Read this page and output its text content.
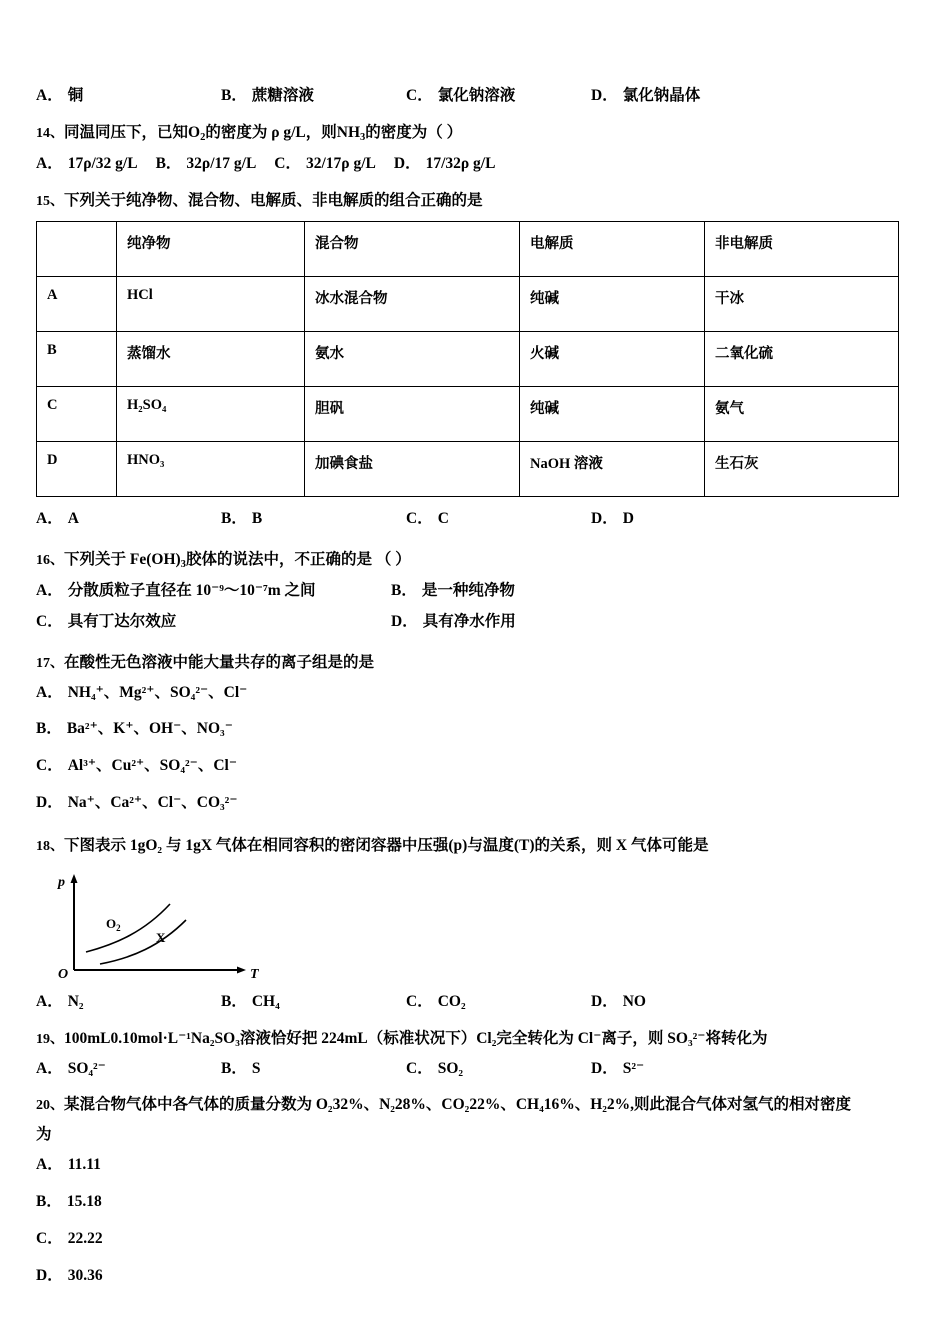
A． 铜	B． 蔗糖溶液	C． 氯化钠溶液	D． 氯化钠晶体
14、同温同压下，已知$O_2$的密度为 ρ g/L，则$NH_3$的密度为（ ）
A． 17ρ/32 g/L B． 32ρ/17 g/L C． 32/17ρ g/L D． 17/32ρ g/L
15、下列关于纯净物、混合物、电解质、非电解质的组合正确的是
	纯净物	混合物	电解质	非电解质
A	HCl	冰水混合物	纯碱	干冰
B	蒸馏水	氨水	火碱	二氧化硫
C	H₂SO₄	胆矾	纯碱	氨气
D	HNO₃	加碘食盐	NaOH 溶液	生石灰
A． A	B． B	C． C	D． D
16、下列关于 $Fe(OH)_3$胶体的说法中，不正确的是 （ ）
A． 分散质粒子直径在 10⁻⁹～10⁻⁷m 之间	B． 是一种纯净物
C． 具有丁达尔效应	D． 具有净水作用
17、在酸性无色溶液中能大量共存的离子组是的是
A． NH₄⁺、Mg²⁺、SO₄²⁻、Cl⁻
B． Ba²⁺、K⁺、OH⁻、NO₃⁻
C． Al³⁺、Cu²⁺、SO₄²⁻、Cl⁻
D． Na⁺、Ca²⁺、Cl⁻、CO₃²⁻
18、下图表示 1gO₂ 与 1gX 气体在相同容积的密闭容器中压强(p)与温度(T)的关系，则 X 气体可能是
p
T
O
$O_2$
X
A． N₂	B． CH₄	C． CO₂	D． NO
19、100mL0.10mol·L⁻¹Na₂SO₃溶液恰好把 224mL（标准状况下）Cl₂完全转化为 Cl⁻离子，则 SO₃²⁻将转化为
A． SO₄²⁻	B． S	C． SO₂	D． S²⁻
20、某混合物气体中各气体的质量分数为 O₂32%、N₂28%、CO₂22%、CH₄16%、H₂2%,则此混合气体对氢气的相对密度
为
A． 11.11
B． 15.18
C． 22.22
D． 30.36
